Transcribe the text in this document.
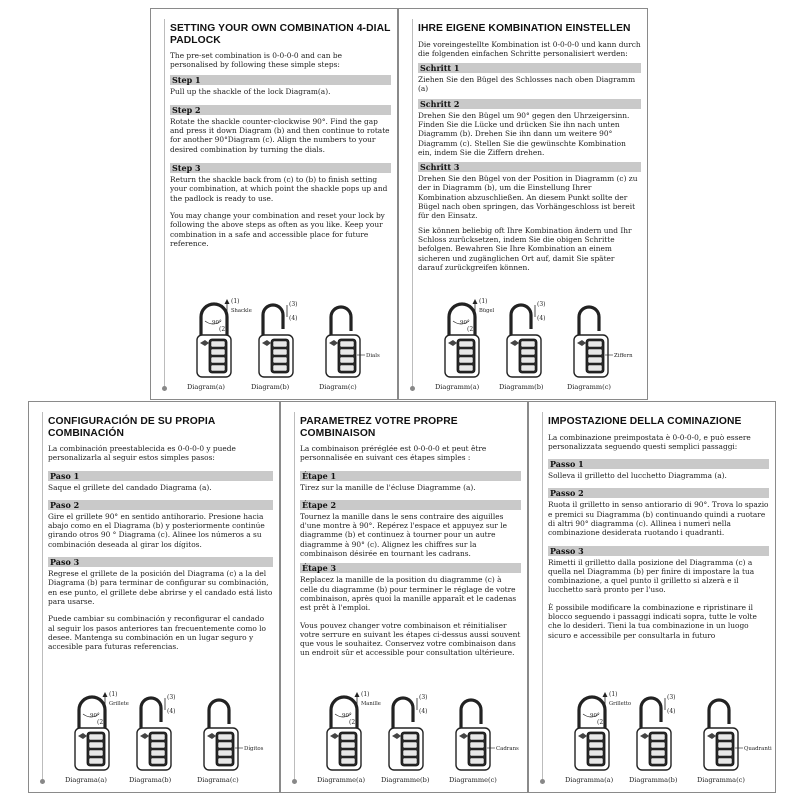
SETTING YOUR OWN COMBINATION 4-DIAL PADLOCK

The pre-set combination is 0-0-0-0 and can be personalised by following these simple steps:

Step 1

Pull up the shackle of the lock Diagram(a).

Step 2

Rotate the shackle counter-clockwise 90°. Find the gap and press it down Diagram (b) and then continue to rotate for another 90°Diagram (c). Align the numbers to your desired combination by turning the dials.

Step 3

Return the shackle back from (c) to (b) to finish setting your combination, at which point the shackle pops up and the padlock is ready to use.

You may change your combination and reset your lock by following the above steps as often as you like. Keep your combination in a safe and accessible place for future reference.

(1)
Shackle
90°
(2)
(3)
(4)
Dials
Diagram(a)	Diagram(b)	Diagram(c)
IHRE EIGENE KOMBINATION EINSTELLEN

Die voreingestellte Kombination ist 0-0-0-0 und kann durch die folgenden einfachen Schritte personalisiert werden:

Schritt 1

Ziehen Sie den Bügel des Schlosses nach oben Diagramm (a)

Schritt 2

Drehen Sie den Bügel um 90° gegen den Uhrzeigersinn. Finden Sie die Lücke und drücken Sie ihn nach unten Diagramm (b). Drehen Sie ihn dann um weitere 90° Diagramm (c). Stellen Sie die gewünschte Kombination ein, indem Sie die Ziffern drehen.

Schritt 3

Drehen Sie den Bügel von der Position in Diagramm (c) zu der in Diagramm (b), um die Einstellung Ihrer Kombination abzuschließen. An diesem Punkt sollte der Bügel nach oben springen, das Vorhängeschloss ist bereit für den Einsatz.

Sie können beliebig oft Ihre Kombination ändern und Ihr Schloss zurücksetzen, indem Sie die obigen Schritte befolgen. Bewahren Sie Ihre Kombination an einem sicheren und zugänglichen Ort auf, damit Sie später darauf zurückgreifen können.

(1)
Bügel
90°
(2)
(3)
(4)
Ziffern
Diagramm(a)	Diagramm(b)	Diagramm(c)
CONFIGURACIÓN DE SU PROPIA COMBINACIÓN

La combinación preestablecida es 0-0-0-0 y puede personalizarla al seguir estos simples pasos:

Paso 1

Saque el grillete del candado Diagrama (a).

Paso 2

Gire el grillete 90° en sentido antihorario. Presione hacia abajo como en el Diagrama (b) y posteriormente continúe girando otros 90 ° Diagrama (c). Alinee los números a su combinación deseada al girar los dígitos.

Paso 3

Regrese el grillete de la posición del Diagrama (c) a la del Diagrama (b) para terminar de configurar su combinación, en ese punto, el grillete debe abrirse y el candado está listo para usarse.

Puede cambiar su combinación y reconfigurar el candado al seguir los pasos anteriores tan frecuentemente como lo desee. Mantenga su combinación en un lugar seguro y accesible para futuras referencias.

(1)
Grillete
90°
(2)
(3)
(4)
Dígitos
Diagrama(a)	Diagrama(b)	Diagrama(c)
PARAMETREZ VOTRE PROPRE COMBINAISON

La combinaison préréglée est 0-0-0-0 et peut être personnalisée en suivant ces étapes simples :

Étape 1

Tirez sur la manille de l'écluse Diagramme (a).

Étape 2

Tournez la manille dans le sens contraire des aiguilles d'une montre à 90°. Repérez l'espace et appuyez sur le diagramme (b) et continuez à tourner pour un autre diagramme à 90° (c). Alignez les chiffres sur la combinaison désirée en tournant les cadrans.

Étape 3

Replacez la manille de la position du diagramme (c) à celle du diagramme (b) pour terminer le réglage de votre combinaison, après quoi la manille apparaît et le cadenas est prêt à l'emploi.

Vous pouvez changer votre combinaison et réinitialiser votre serrure en suivant les étapes ci-dessus aussi souvent que vous le souhaitez. Conservez votre combinaison dans un endroit sûr et accessible pour consultation ultérieure.

(1)
Manille
90°
(2)
(3)
(4)
Cadrans
Diagramme(a) Diagramme(b)	Diagramme(c)
IMPOSTAZIONE DELLA COMINAZIONE

La combinazione preimpostata è 0-0-0-0, e può essere personalizzata seguendo questi semplici passaggi:

Passo 1

Solleva il grilletto del lucchetto Diagramma (a).

Passo 2

Ruota il grilletto in senso antiorario di 90°. Trova lo spazio e premici su Diagramma (b) continuando quindi a ruotare di altri 90° diagramma (c). Allinea i numeri nella combinazione desiderata ruotando i quadranti.

Passo 3

Rimetti il grilletto dalla posizione del Diagramma (c) a quella nel Diagramma (b) per finire di impostare la tua combinazione, a quel punto il grilletto si alzerà e il lucchetto sarà pronto per l'uso.

È possibile modificare la combinazione e ripristinare il blocco seguendo i passaggi indicati sopra, tutte le volte che lo desideri. Tieni la tua combinazione in un luogo sicuro e accessibile per consultarla in futuro

(1)
Grilletto
90°
(2)
(3)
(4)
Quadranti
Diagramma(a) Diagramma(b)	Diagramma(c)
